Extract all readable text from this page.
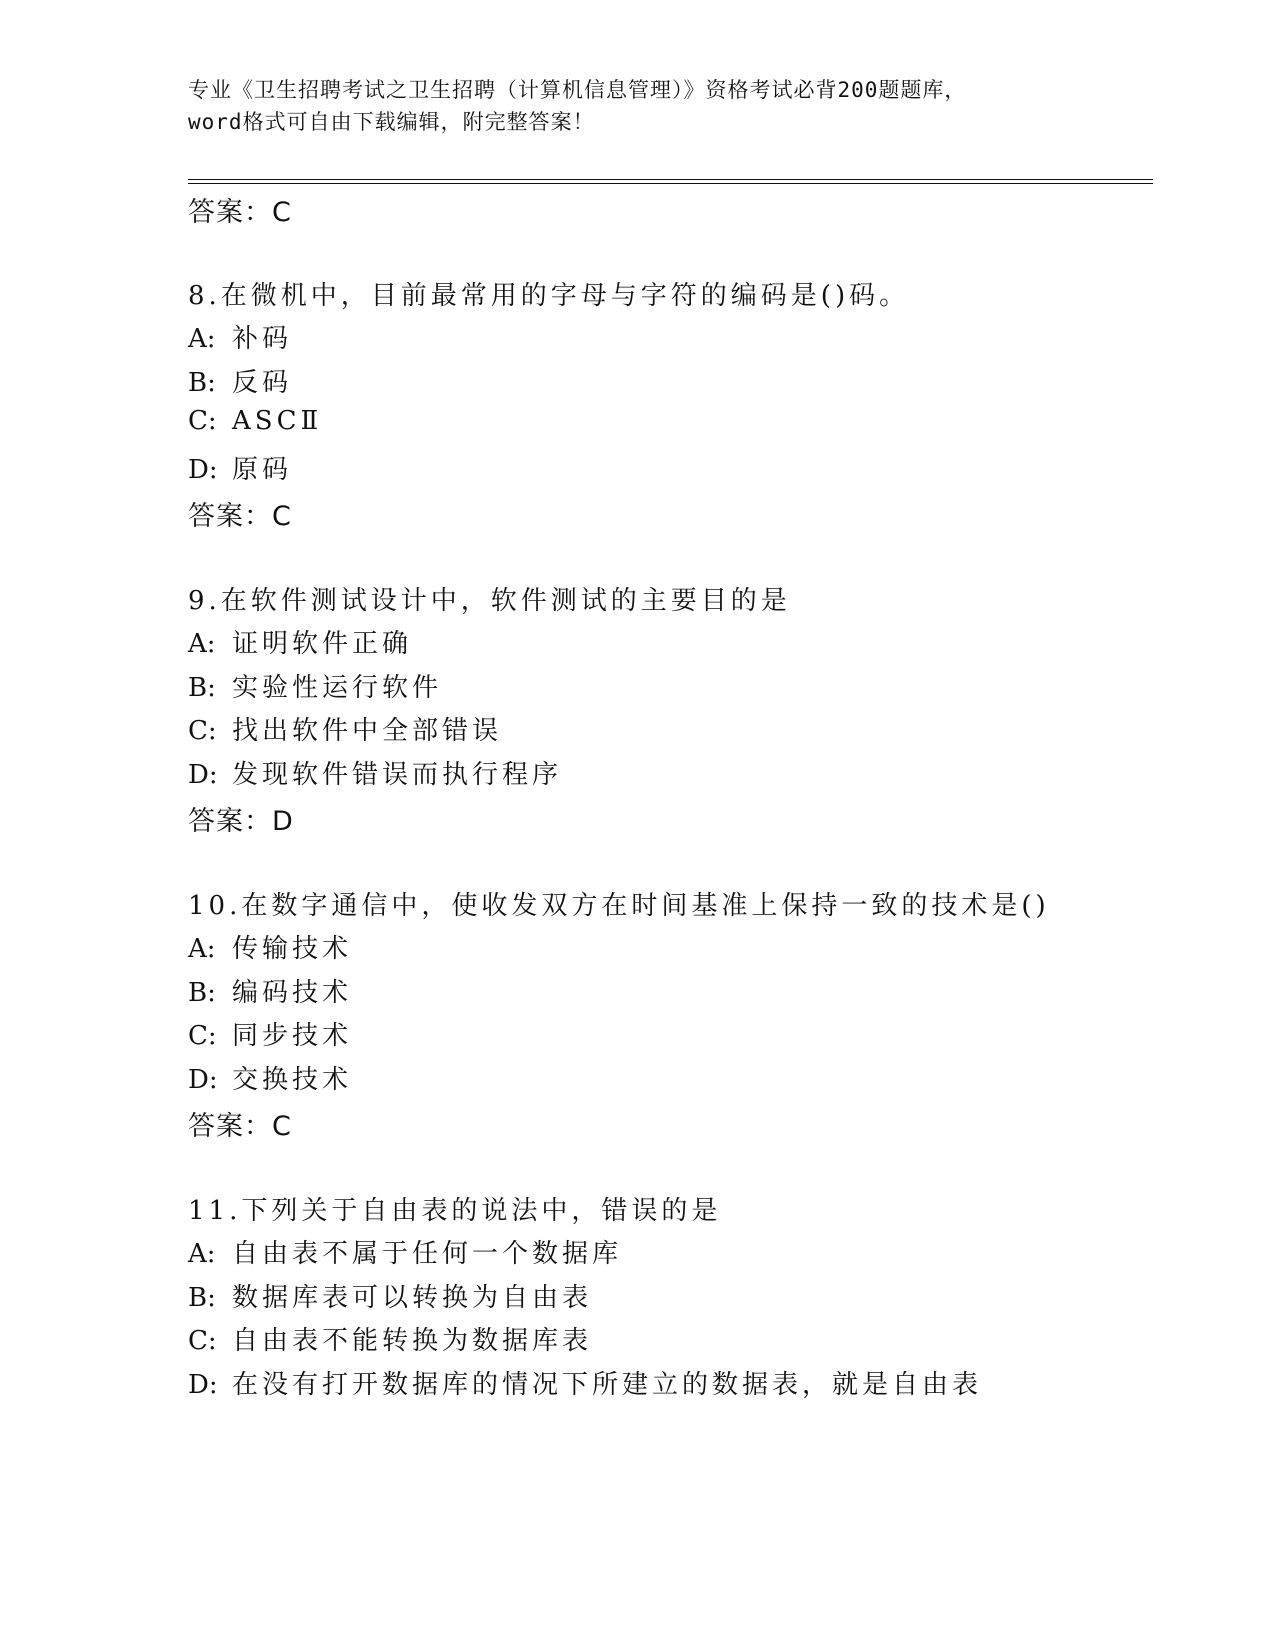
专业《卫生招聘考试之卫生招聘（计算机信息管理）》资格考试必背200题题库，
word格式可自由下载编辑，附完整答案！
答案：C
8.在微机中，目前最常用的字母与字符的编码是()码。
A: 补码
B: 反码
C: ASCⅡ
D: 原码
答案：C
9.在软件测试设计中，软件测试的主要目的是
A: 证明软件正确
B: 实验性运行软件
C: 找出软件中全部错误
D: 发现软件错误而执行程序
答案：D
10.在数字通信中，使收发双方在时间基准上保持一致的技术是()
A: 传输技术
B: 编码技术
C: 同步技术
D: 交换技术
答案：C
11.下列关于自由表的说法中，错误的是
A: 自由表不属于任何一个数据库
B: 数据库表可以转换为自由表
C: 自由表不能转换为数据库表
D: 在没有打开数据库的情况下所建立的数据表，就是自由表
